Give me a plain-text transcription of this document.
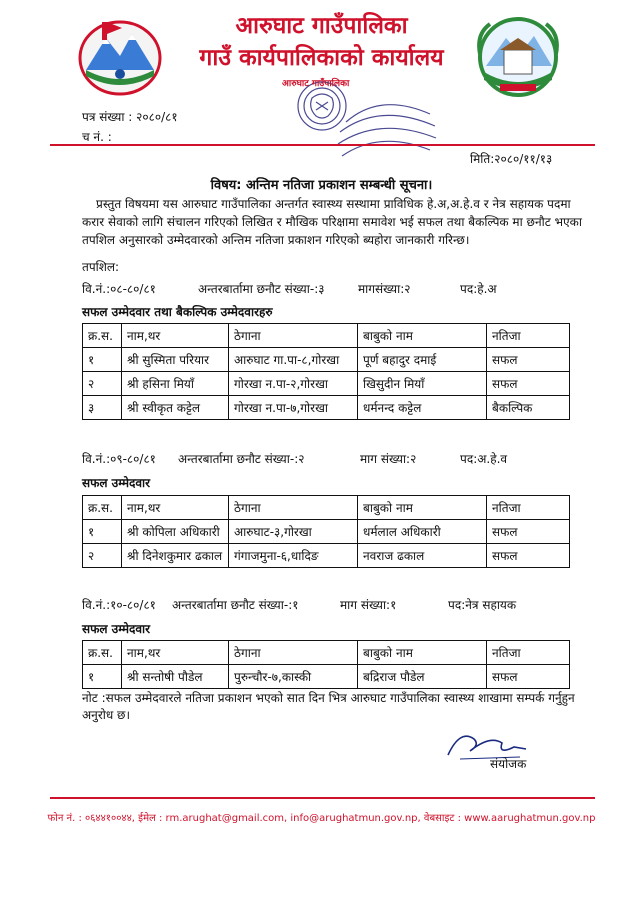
आरुघाट गाउँपालिका
गाउँ कार्यपालिकाको कार्यालय
आरुघाट गाउँपालिका
पत्र संख्या : २०८०/८१
च नं. :
मिति:२०८०/११/१३
विषय: अन्तिम नतिजा प्रकाशन सम्बन्धी सूचना।
प्रस्तुत विषयमा यस आरुघाट गाउँपालिका अन्तर्गत स्वास्थ्य सस्थामा प्राविधिक हे.अ,अ.हे.व र नेत्र सहायक पदमा करार सेवाको लागि संचालन गरिएको लिखित र मौखिक परिक्षामा समावेश भई सफल तथा बैकल्पिक मा छनौट भएका तपशिल अनुसारको उम्मेदवारको अन्तिम नतिजा प्रकाशन गरिएको ब्यहोरा जानकारी गरिन्छ।
तपशिल:
वि.नं.:०८-८०/८१	अन्तरबार्तामा छनौट संख्या-:३	मागसंख्या:२	पद:हे.अ
सफल उम्मेदवार तथा बैकल्पिक उम्मेदवारहरु
क्र.स.	नाम,थर	ठेगाना	बाबुको नाम	नतिजा
१	श्री सुस्मिता परियार	आरुघाट गा.पा-८,गोरखा	पूर्ण बहादुर दमाई	सफल
२	श्री हसिना मियाँ	गोरखा न.पा-२,गोरखा	खिसुदीन मियाँ	सफल
३	श्री स्वीकृत कट्टेल	गोरखा न.पा-७,गोरखा	धर्मनन्द कट्टेल	बैकल्पिक
वि.नं.:०९-८०/८१ अन्तरबार्तामा छनौट संख्या-:२	माग संख्या:२	पद:अ.हे.व
सफल उम्मेदवार
क्र.स.	नाम,थर	ठेगाना	बाबुको नाम	नतिजा
१	श्री कोपिला अधिकारी	आरुघाट-३,गोरखा	धर्मलाल अधिकारी	सफल
२	श्री दिनेशकुमार ढकाल	गंगाजमुना-६,धादिङ	नवराज ढकाल	सफल
वि.नं.:१०-८०/८१ अन्तरबार्तामा छनौट संख्या-:१	माग संख्या:१	पद:नेत्र सहायक
सफल उम्मेदवार
क्र.स.	नाम,थर	ठेगाना	बाबुको नाम	नतिजा
१	श्री सन्तोषी पौडेल	पुरुन्चौर-७,कास्की	बद्रिराज पौडेल	सफल
नोट :सफल उम्मेदवारले नतिजा प्रकाशन भएको सात दिन भित्र आरुघाट गाउँपालिका स्वास्थ्य शाखामा सम्पर्क गर्नुहुन अनुरोध छ।
संयोजक
फोन नं. : ०६४४१००४४, ईमेल : rm.arughat@gmail.com, info@arughatmun.gov.np, वेबसाइट : www.aarughatmun.gov.np
